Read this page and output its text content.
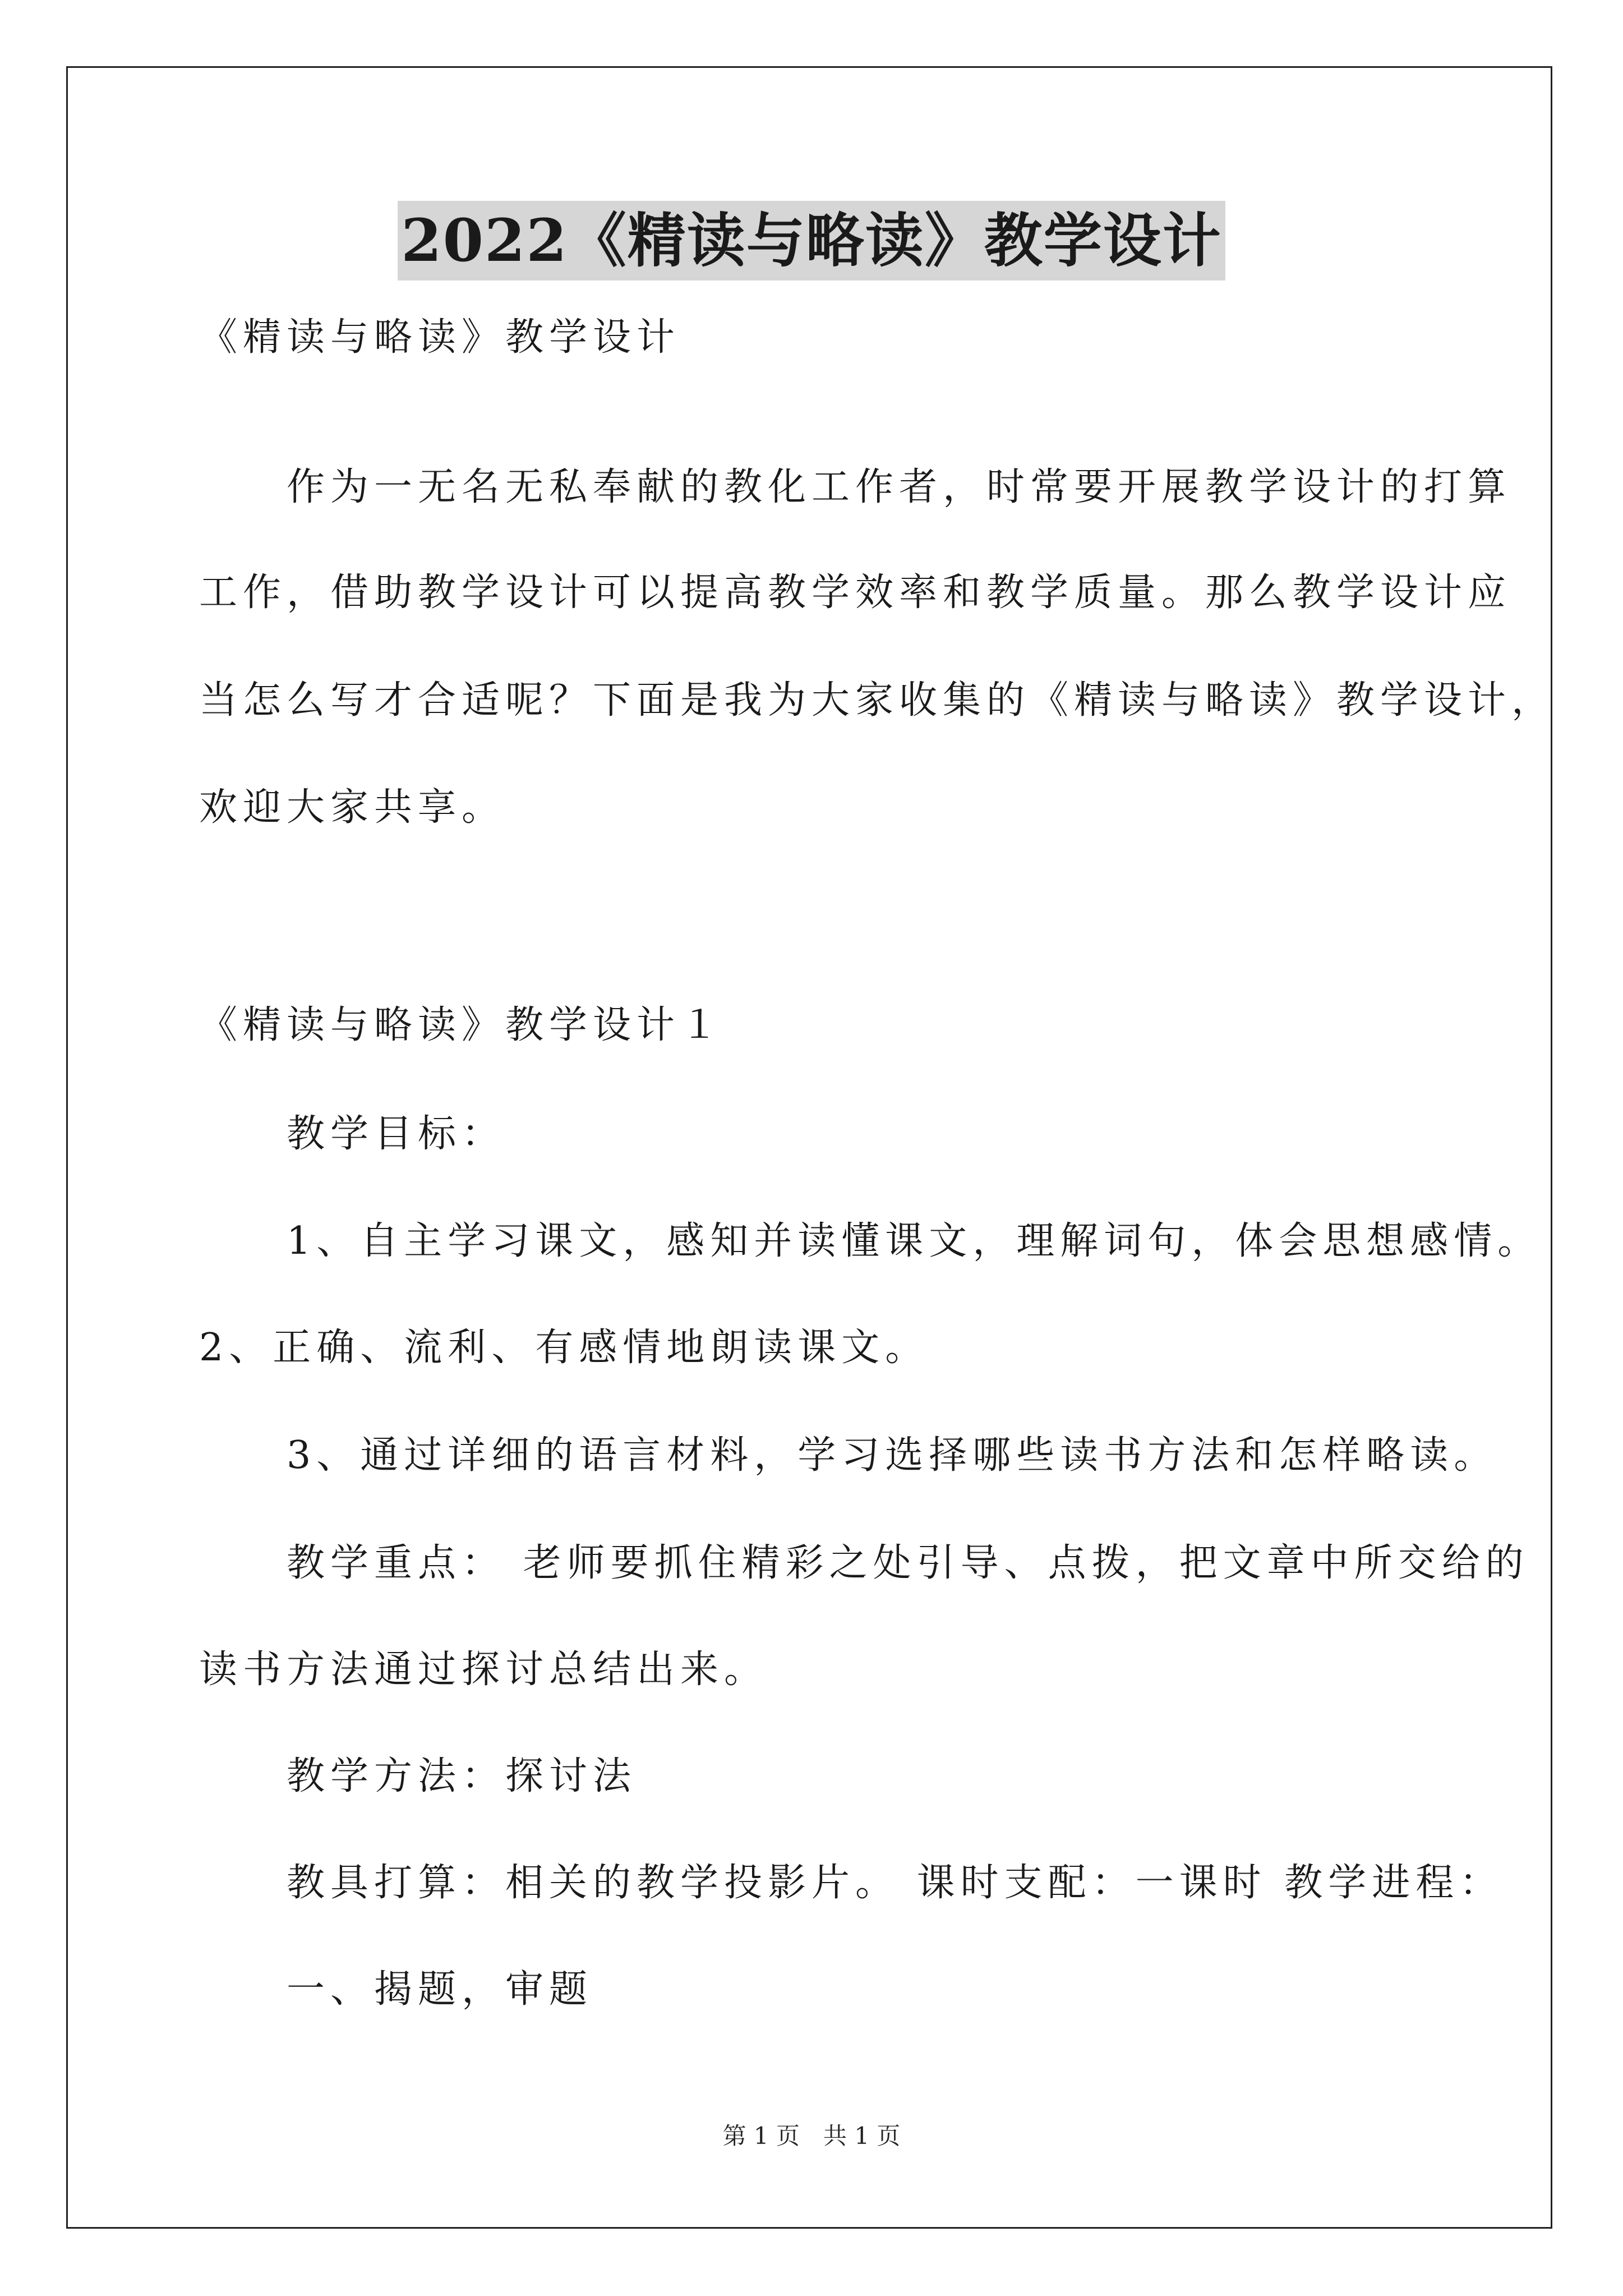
2022《精读与略读》教学设计
《精读与略读》教学设计
　　作为一无名无私奉献的教化工作者，时常要开展教学设计的打算
工作，借助教学设计可以提高教学效率和教学质量。那么教学设计应
当怎么写才合适呢？下面是我为大家收集的《精读与略读》教学设计，
欢迎大家共享。
《精读与略读》教学设计１
　　教学目标：
　　1、自主学习课文，感知并读懂课文，理解词句，体会思想感情。
2、正确、流利、有感情地朗读课文。
　　3、通过详细的语言材料，学习选择哪些读书方法和怎样略读。
　　教学重点： 老师要抓住精彩之处引导、点拨，把文章中所交给的
读书方法通过探讨总结出来。
　　教学方法：探讨法
　　教具打算：相关的教学投影片。 课时支配：一课时 教学进程：
　　一、揭题，审题
第 1 页　共 1 页
